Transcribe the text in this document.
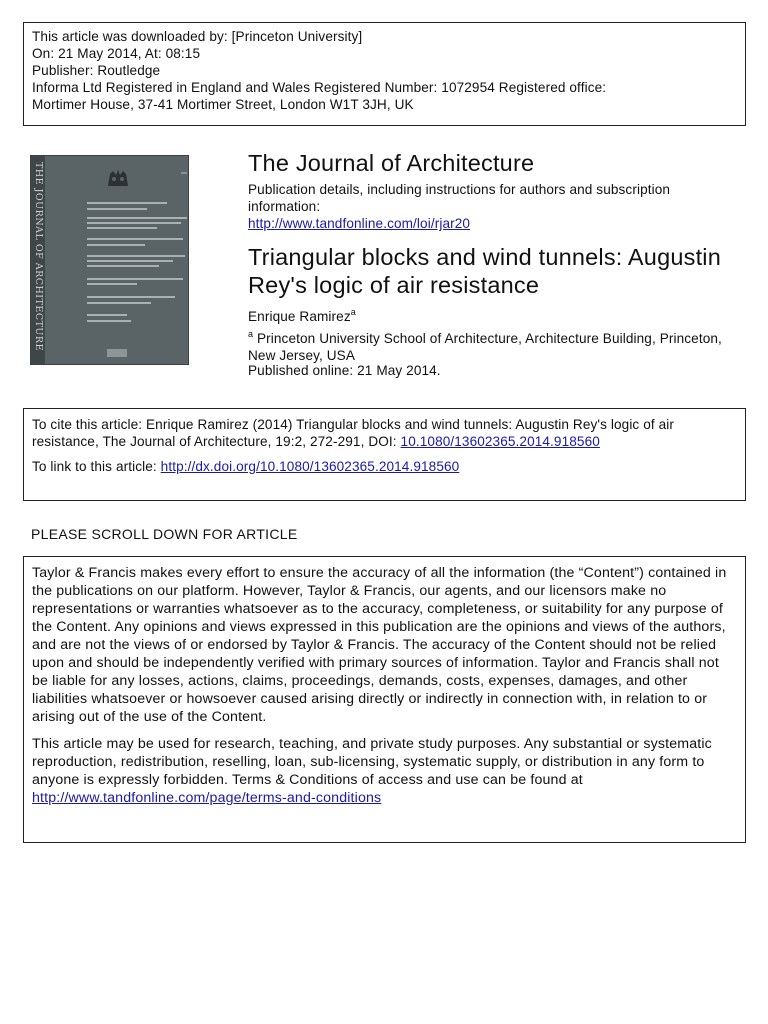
This article was downloaded by: [Princeton University]
On: 21 May 2014, At: 08:15
Publisher: Routledge
Informa Ltd Registered in England and Wales Registered Number: 1072954 Registered office:
Mortimer House, 37-41 Mortimer Street, London W1T 3JH, UK
THE JOURNAL OF ARCHITECTURE	The Journal of Architecture
Publication details, including instructions for authors and subscription information:
http://www.tandfonline.com/loi/rjar20
Triangular blocks and wind tunnels: Augustin Rey's logic of air resistance
Enrique Ramirez$^a$
$^a$ Princeton University School of Architecture, Architecture Building, Princeton, New Jersey, USA
Published online: 21 May 2014.

To cite this article: Enrique Ramirez (2014) Triangular blocks and wind tunnels: Augustin Rey's logic of air resistance, The Journal of Architecture, 19:2, 272-291, DOI: 10.1080/13602365.2014.918560

To link to this article: http://dx.doi.org/10.1080/13602365.2014.918560
PLEASE SCROLL DOWN FOR ARTICLE

Taylor & Francis makes every effort to ensure the accuracy of all the information (the “Content”) contained in the publications on our platform. However, Taylor & Francis, our agents, and our licensors make no representations or warranties whatsoever as to the accuracy, completeness, or suitability for any purpose of the Content. Any opinions and views expressed in this publication are the opinions and views of the authors, and are not the views of or endorsed by Taylor & Francis. The accuracy of the Content should not be relied upon and should be independently verified with primary sources of information. Taylor and Francis shall not be liable for any losses, actions, claims, proceedings, demands, costs, expenses, damages, and other liabilities whatsoever or howsoever caused arising directly or indirectly in connection with, in relation to or arising out of the use of the Content.

This article may be used for research, teaching, and private study purposes. Any substantial or systematic reproduction, redistribution, reselling, loan, sub-licensing, systematic supply, or distribution in any form to anyone is expressly forbidden. Terms & Conditions of access and use can be found at http://www.tandfonline.com/page/terms-and-conditions
